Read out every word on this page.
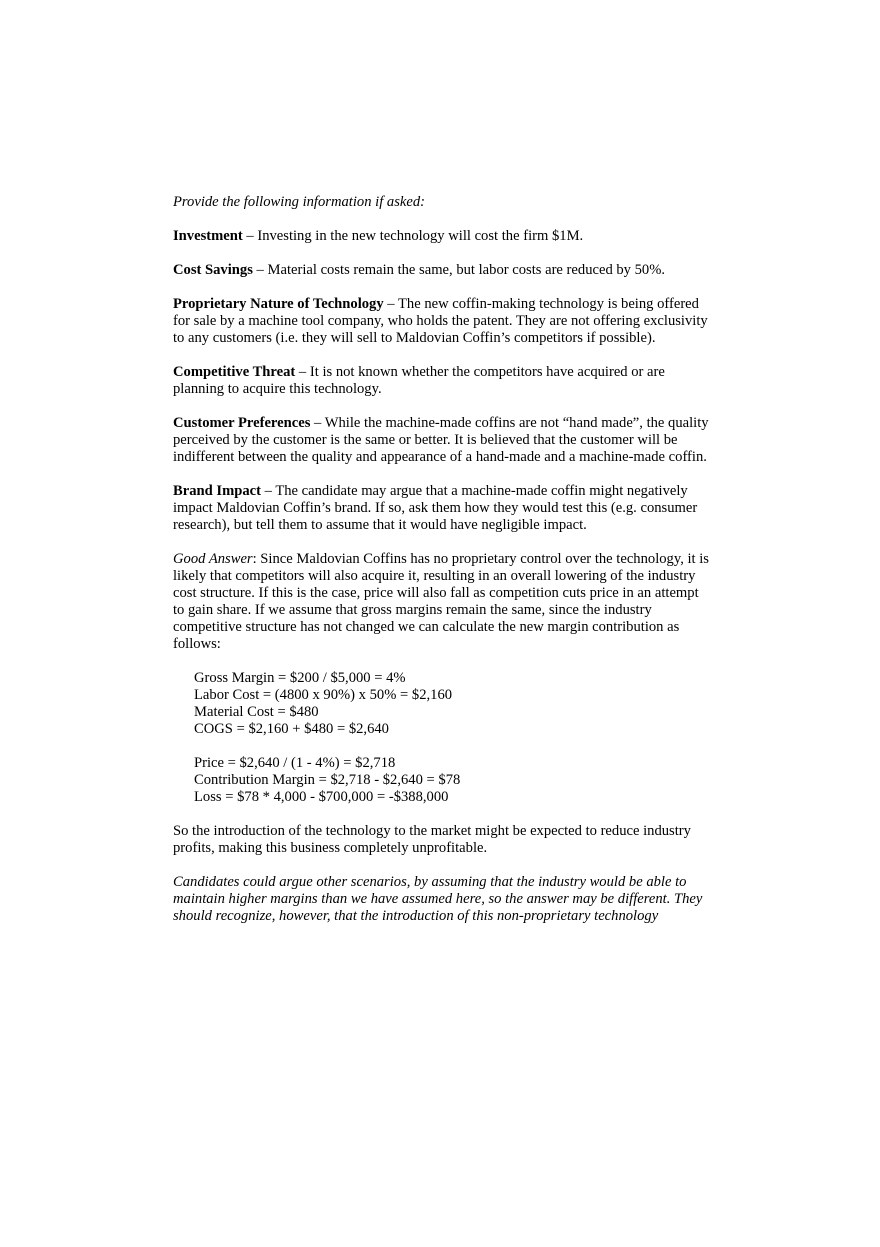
Provide the following information if asked:

Investment – Investing in the new technology will cost the firm $1M.

Cost Savings – Material costs remain the same, but labor costs are reduced by 50%.

Proprietary Nature of Technology – The new coffin-making technology is being offered for sale by a machine tool company, who holds the patent. They are not offering exclusivity to any customers (i.e. they will sell to Maldovian Coffin’s competitors if possible).

Competitive Threat – It is not known whether the competitors have acquired or are planning to acquire this technology.

Customer Preferences – While the machine-made coffins are not “hand made”, the quality perceived by the customer is the same or better. It is believed that the customer will be indifferent between the quality and appearance of a hand-made and a machine-made coffin.

Brand Impact – The candidate may argue that a machine-made coffin might negatively impact Maldovian Coffin’s brand. If so, ask them how they would test this (e.g. consumer research), but tell them to assume that it would have negligible impact.

Good Answer: Since Maldovian Coffins has no proprietary control over the technology, it is likely that competitors will also acquire it, resulting in an overall lowering of the industry cost structure. If this is the case, price will also fall as competition cuts price in an attempt to gain share. If we assume that gross margins remain the same, since the industry competitive structure has not changed we can calculate the new margin contribution as follows:

Gross Margin = $200 / $5,000 = 4%
Labor Cost = (4800 x 90%) x 50% = $2,160
Material Cost = $480
COGS = $2,160 + $480 = $2,640
Price = $2,640 / (1 - 4%) = $2,718
Contribution Margin = $2,718 - $2,640 = $78
Loss = $78 * 4,000 - $700,000 = -$388,000

So the introduction of the technology to the market might be expected to reduce industry profits, making this business completely unprofitable.

Candidates could argue other scenarios, by assuming that the industry would be able to maintain higher margins than we have assumed here, so the answer may be different. They should recognize, however, that the introduction of this non-proprietary technology
